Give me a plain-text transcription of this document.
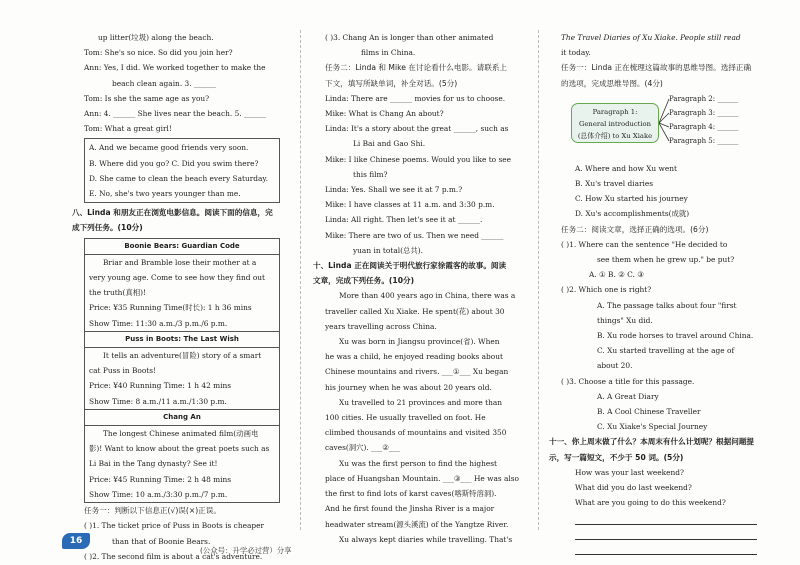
up litter(垃圾) along the beach.
Tom: She's so nice. So did you join her?
Ann: Yes, I did. We worked together to make the
beach clean again. 3. ______
Tom: Is she the same age as you?
Ann: 4. ______ She lives near the beach. 5. ______
Tom: What a great girl!
A. And we became good friends very soon.
B. Where did you go? C. Did you swim there?
D. She came to clean the beach every Saturday.
E. No, she's two years younger than me.
八、Linda 和朋友正在浏览电影信息。阅读下面的信息，完成下列任务。(10分)
Boonie Bears: Guardian Code
Briar and Bramble lose their mother at a
very young age. Come to see how they find out
the truth(真相)!
Price: ¥35 Running Time(时长): 1 h 36 mins
Show Time: 11:30 a.m./3 p.m./6 p.m.
Puss in Boots: The Last Wish
It tells an adventure(冒险) story of a smart
cat Puss in Boots!
Price: ¥40 Running Time: 1 h 42 mins
Show Time: 8 a.m./11 a.m./1:30 p.m.
Chang An
The longest Chinese animated film(动画电
影)! Want to know about the great poets such as
Li Bai in the Tang dynasty? See it!
Price: ¥45 Running Time: 2 h 48 mins
Show Time: 10 a.m./3:30 p.m./7 p.m.
任务一：判断以下信息正(√)误(×)正误。
( )1. The ticket price of Puss in Boots is cheaper
than that of Boonie Bears.
( )2. The second film is about a cat's adventure.
( )3. Chang An is longer than other animated
films in China.
任务二：Linda 和 Mike 在讨论看什么电影。请联系上下文，填写所缺单词，补全对话。(5分)
Linda: There are ______ movies for us to choose.
Mike: What is Chang An about?
Linda: It's a story about the great ______, such as
Li Bai and Gao Shi.
Mike: I like Chinese poems. Would you like to see
this film?
Linda: Yes. Shall we see it at 7 p.m.?
Mike: I have classes at 11 a.m. and 3:30 p.m.
Linda: All right. Then let's see it at ______.
Mike: There are two of us. Then we need ______
yuan in total(总共).
十、Linda 正在阅读关于明代旅行家徐霞客的故事。阅读文章，完成下列任务。(10分)
More than 400 years ago in China, there was a
traveller called Xu Xiake. He spent(花) about 30
years travelling across China.
Xu was born in Jiangsu province(省). When
he was a child, he enjoyed reading books about
Chinese mountains and rivers. ___①___ Xu began
his journey when he was about 20 years old.
Xu travelled to 21 provinces and more than
100 cities. He usually travelled on foot. He
climbed thousands of mountains and visited 350
caves(洞穴). ___②___
Xu was the first person to find the highest
place of Huangshan Mountain. ___③___ He was also
the first to find lots of karst caves(喀斯特溶洞).
And he first found the Jinsha River is a major
headwater stream(源头溪流) of the Yangtze River.
Xu always kept diaries while travelling. That's
The Travel Diaries of Xu Xiake. People still read
it today.
任务一：Linda 正在梳理这篇故事的思维导图。选择正确的选项，完成思维导图。(4分)
Paragraph 1:
General introduction
(总体介绍) to Xu Xiake
Paragraph 2: ______
Paragraph 3: ______
Paragraph 4: ______
Paragraph 5: ______
A. Where and how Xu went
B. Xu's travel diaries
C. How Xu started his journey
D. Xu's accomplishments(成就)
任务二：阅读文章，选择正确的选项。(6分)
( )1. Where can the sentence "He decided to
see them when he grew up." be put?
A. ① B. ② C. ③
( )2. Which one is right?
A. The passage talks about four "first
things" Xu did.
B. Xu rode horses to travel around China.
C. Xu started travelling at the age of
about 20.
( )3. Choose a title for this passage.
A. A Great Diary
B. A Cool Chinese Traveller
C. Xu Xiake's Special Journey
十一、你上周末做了什么？本周末有什么计划呢？根据问题提示，写一篇短文，不少于 50 词。(5分)
How was your last weekend?
What did you do last weekend?
What are you going to do this weekend?
16
(公众号：升学必过营）分享
